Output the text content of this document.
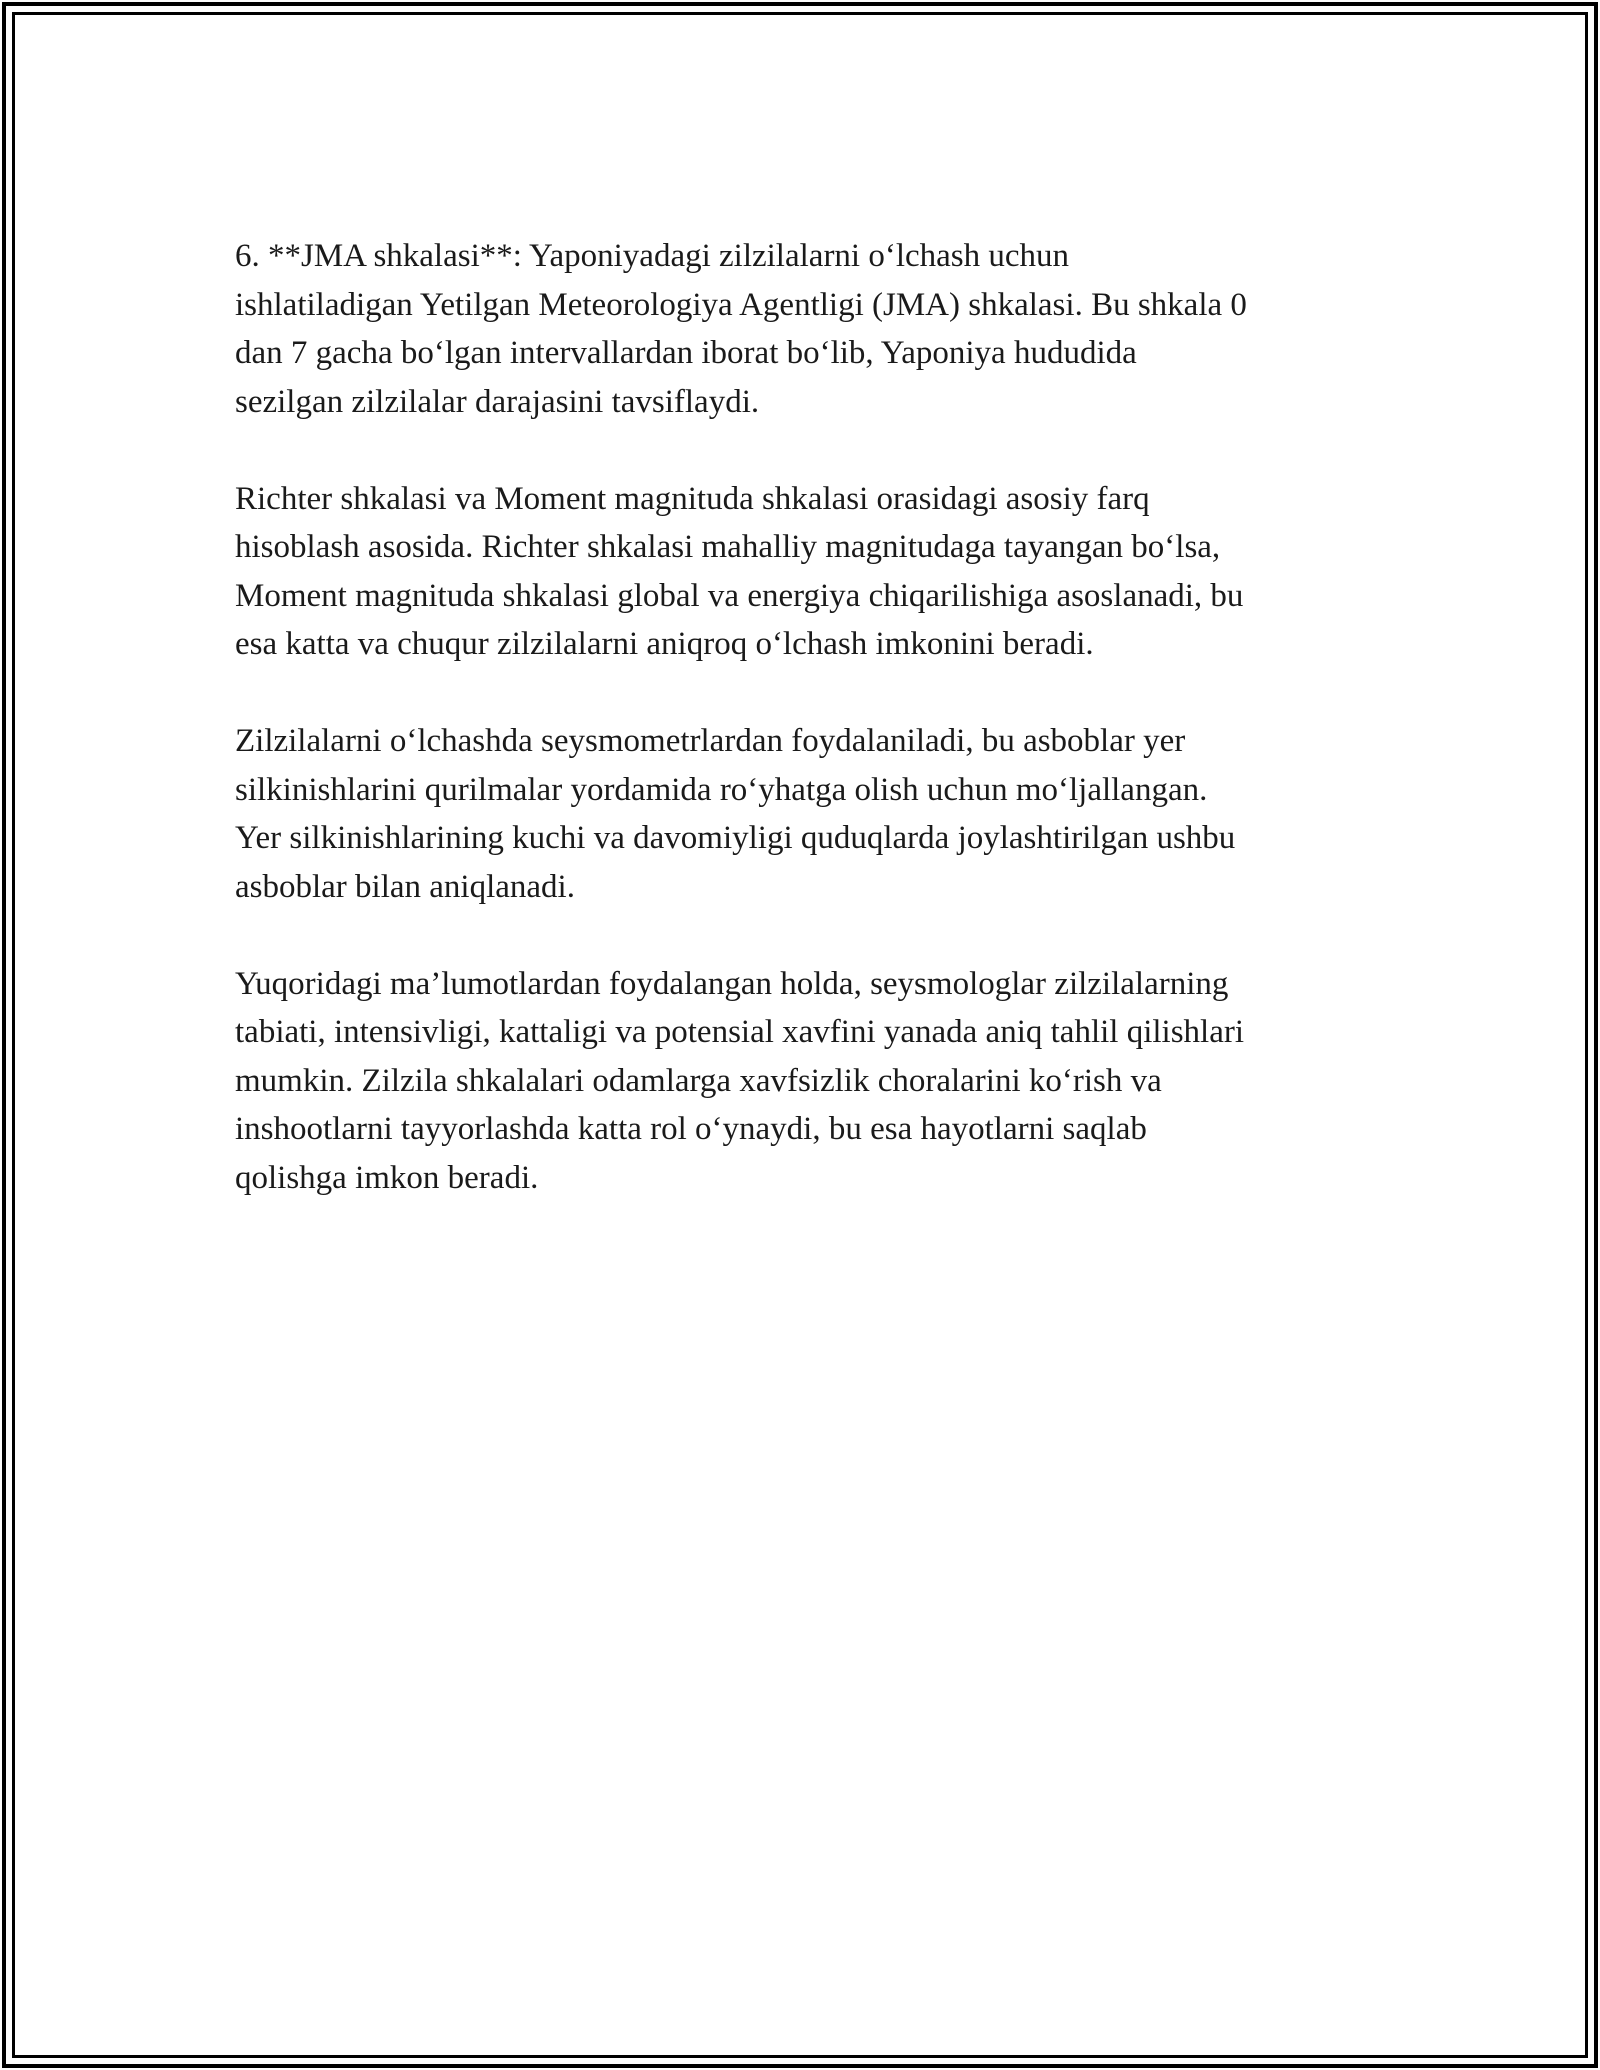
6. **JMA shkalasi**: Yaponiyadagi zilzilalarni o‘lchash uchun
ishlatiladigan Yetilgan Meteorologiya Agentligi (JMA) shkalasi. Bu shkala 0
dan 7 gacha bo‘lgan intervallardan iborat bo‘lib, Yaponiya hududida
sezilgan zilzilalar darajasini tavsiflaydi.

Richter shkalasi va Moment magnituda shkalasi orasidagi asosiy farq
hisoblash asosida. Richter shkalasi mahalliy magnitudaga tayangan bo‘lsa,
Moment magnituda shkalasi global va energiya chiqarilishiga asoslanadi, bu
esa katta va chuqur zilzilalarni aniqroq o‘lchash imkonini beradi.

Zilzilalarni o‘lchashda seysmometrlardan foydalaniladi, bu asboblar yer
silkinishlarini qurilmalar yordamida ro‘yhatga olish uchun mo‘ljallangan.
Yer silkinishlarining kuchi va davomiyligi quduqlarda joylashtirilgan ushbu
asboblar bilan aniqlanadi.

Yuqoridagi ma’lumotlardan foydalangan holda, seysmologlar zilzilalarning
tabiati, intensivligi, kattaligi va potensial xavfini yanada aniq tahlil qilishlari
mumkin. Zilzila shkalalari odamlarga xavfsizlik choralarini ko‘rish va
inshootlarni tayyorlashda katta rol o‘ynaydi, bu esa hayotlarni saqlab
qolishga imkon beradi.
